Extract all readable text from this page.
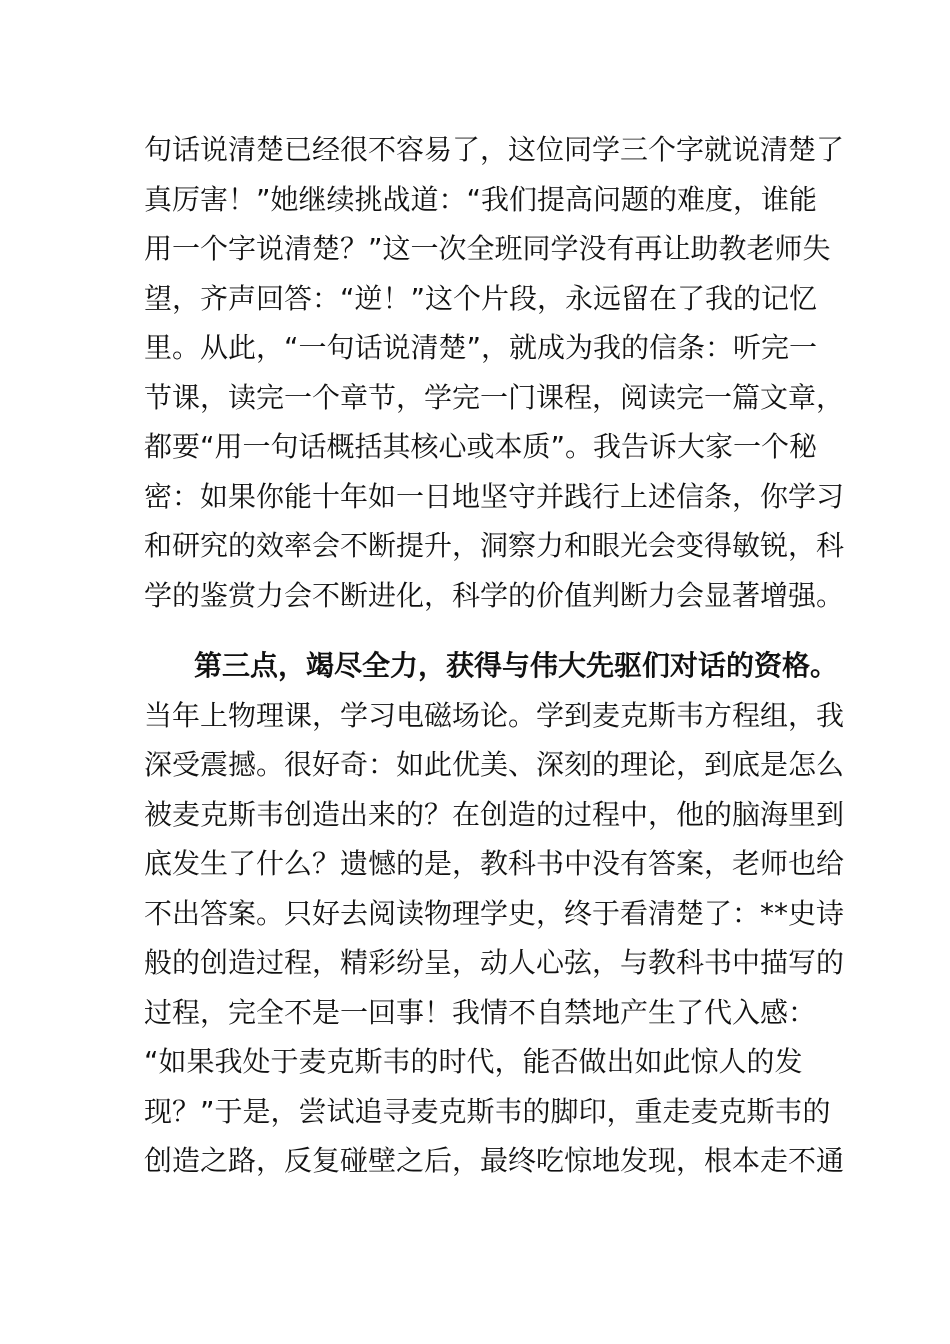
句话说清楚已经很不容易了，这位同学三个字就说清楚了
真厉害！”她继续挑战道：“我们提高问题的难度，谁能
用一个字说清楚？”这一次全班同学没有再让助教老师失
望，齐声回答：“逆！”这个片段，永远留在了我的记忆
里。从此，“一句话说清楚”，就成为我的信条：听完一
节课，读完一个章节，学完一门课程，阅读完一篇文章，
都要“用一句话概括其核心或本质”。我告诉大家一个秘
密：如果你能十年如一日地坚守并践行上述信条，你学习
和研究的效率会不断提升，洞察力和眼光会变得敏锐，科
学的鉴赏力会不断进化，科学的价值判断力会显著增强。
第三点，竭尽全力，获得与伟大先驱们对话的资格。
当年上物理课，学习电磁场论。学到麦克斯韦方程组，我
深受震撼。很好奇：如此优美、深刻的理论，到底是怎么
被麦克斯韦创造出来的？在创造的过程中，他的脑海里到
底发生了什么？遗憾的是，教科书中没有答案，老师也给
不出答案。只好去阅读物理学史，终于看清楚了：**史诗
般的创造过程，精彩纷呈，动人心弦，与教科书中描写的
过程，完全不是一回事！我情不自禁地产生了代入感：
“如果我处于麦克斯韦的时代，能否做出如此惊人的发
现？”于是，尝试追寻麦克斯韦的脚印，重走麦克斯韦的
创造之路，反复碰壁之后，最终吃惊地发现，根本走不通
